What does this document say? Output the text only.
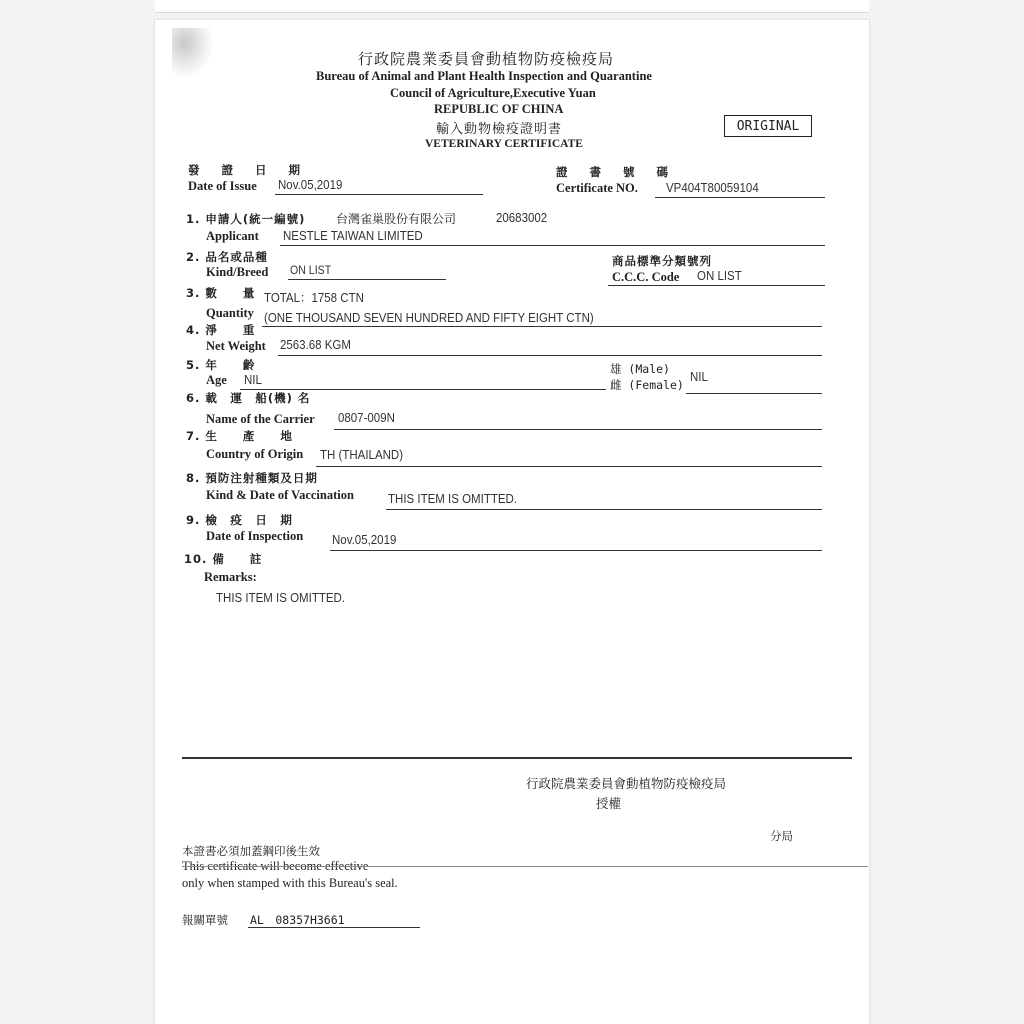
行政院農業委員會動植物防疫檢疫局
Bureau of Animal and Plant Health Inspection and Quarantine
Council of Agriculture,Executive Yuan
REPUBLIC OF CHINA
輸入動物檢疫證明書
VETERINARY CERTIFICATE
ORIGINAL
發 證 日 期
Date of Issue Nov.05,2019
證 書 號 碼
Certificate NO. VP404T80059104
1. 申請人(統一編號)	台灣雀巢股份有限公司	20683002
Applicant NESTLE TAIWAN LIMITED
2. 品名或品種
Kind/Breed ON LIST
商品標準分類號列
C.C.C. Code ON LIST
3. 數　　量 TOTAL：1758 CTN
Quantity (ONE THOUSAND SEVEN HUNDRED AND FIFTY EIGHT CTN)
4. 淨　　重
Net Weight 2563.68 KGM
5. 年　　齡
Age NIL
雄 (Male)
雌 (Female)
NIL
6. 載　運　船(機) 名
Name of the Carrier 0807-009N
7. 生　　產　　地
Country of Origin TH (THAILAND)
8. 預防注射種類及日期
Kind & Date of Vaccination	THIS ITEM IS OMITTED.
9. 檢　疫　日　期
Date of Inspection Nov.05,2019
10. 備　　註
Remarks:
THIS ITEM IS OMITTED.
行政院農業委員會動植物防疫檢疫局
授權
分局
本證書必須加蓋鋼印後生效
This certificate will become effective
only when stamped with this Bureau's seal.
報關單號 AL　08357H3661
